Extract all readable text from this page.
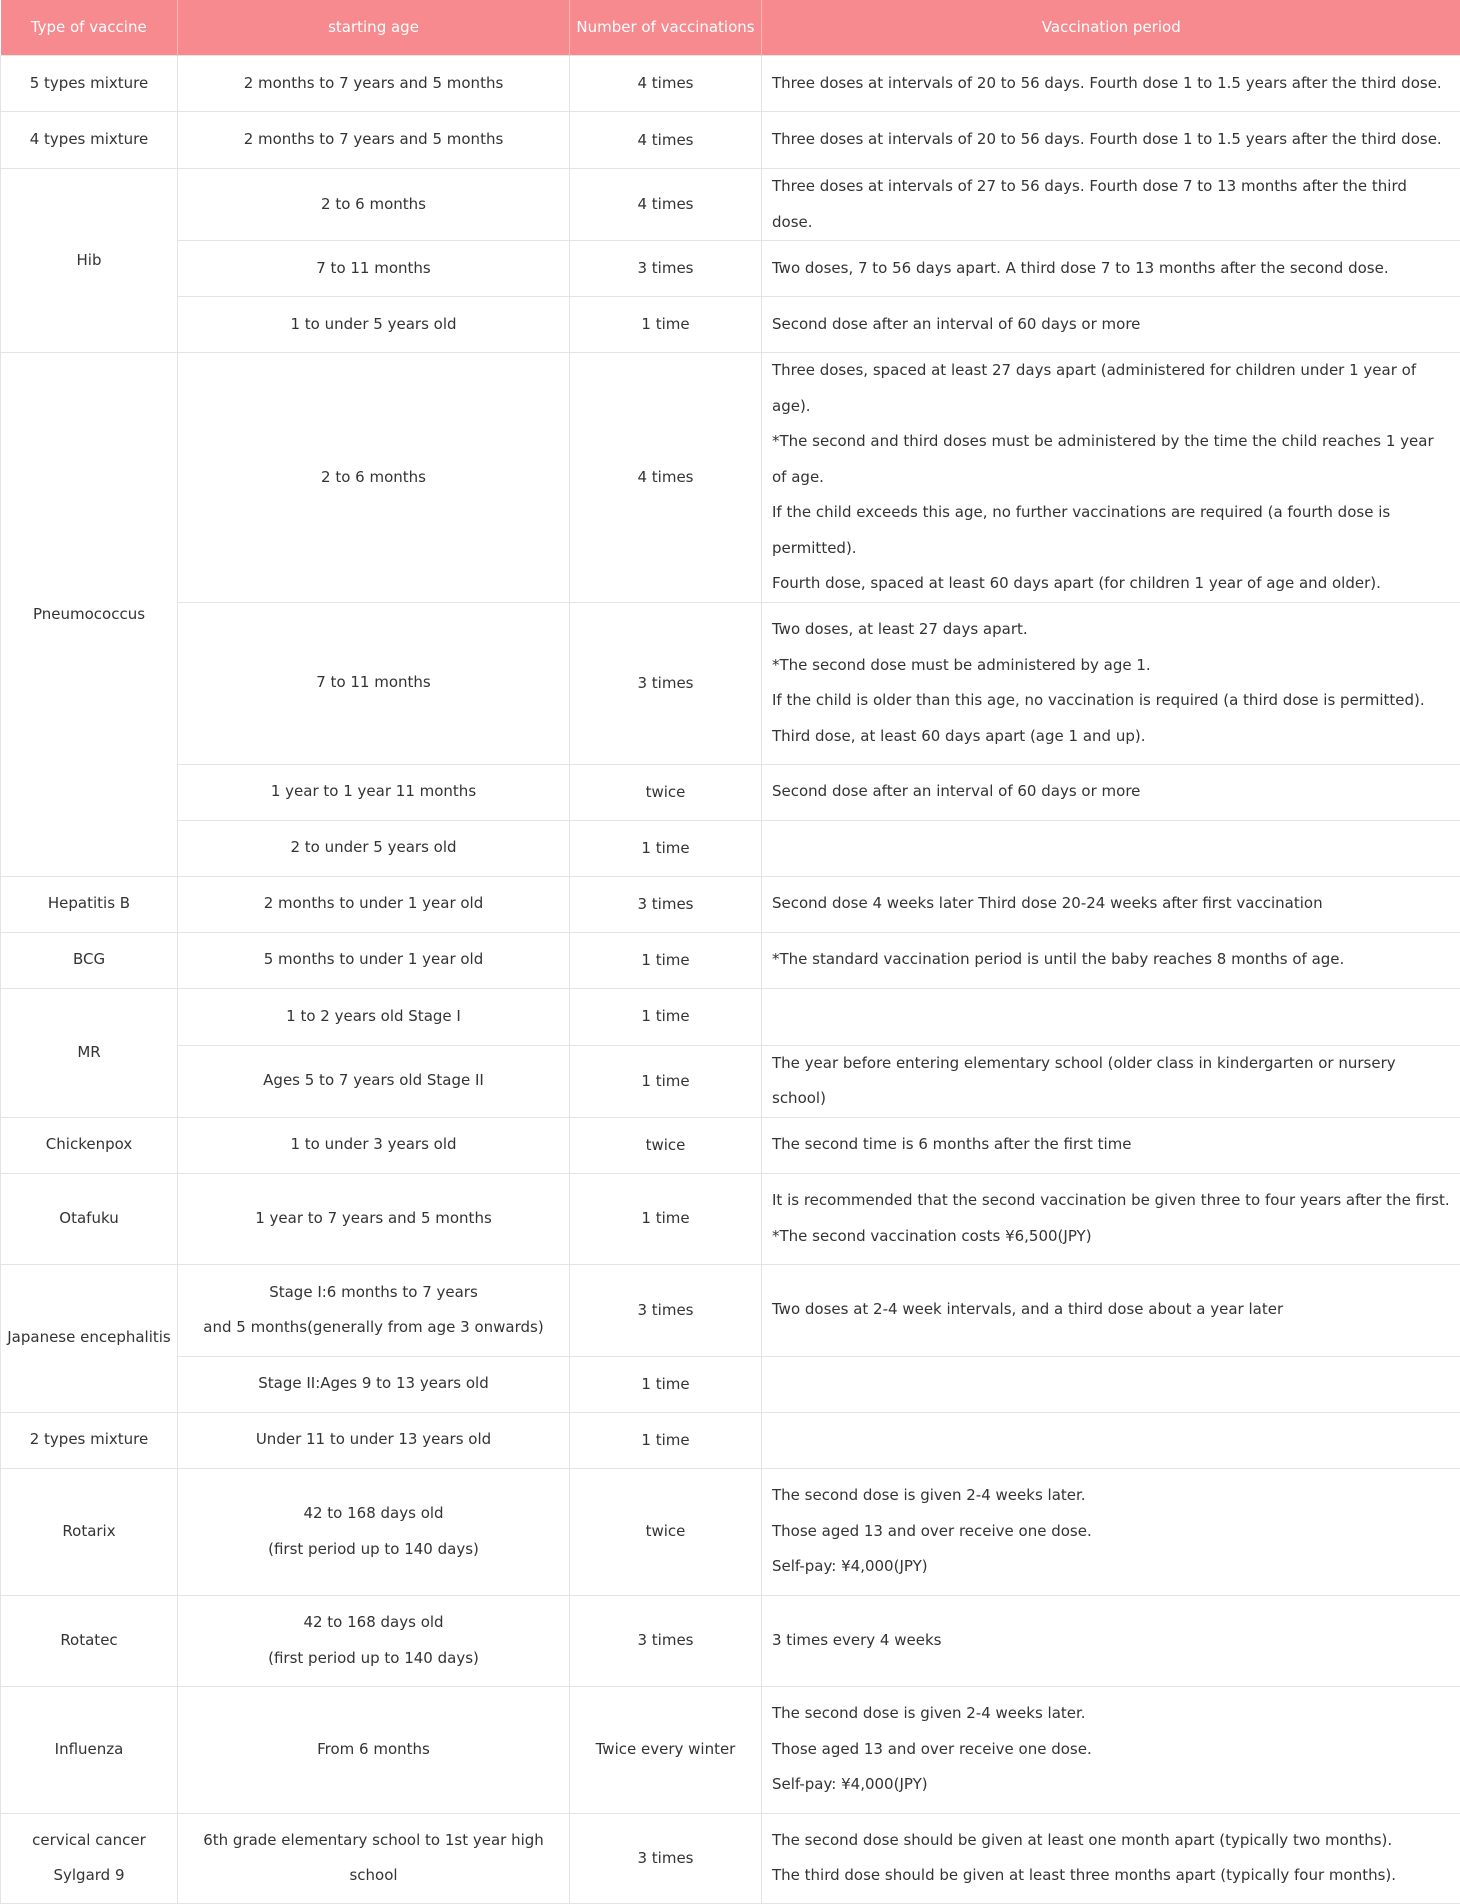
Type of vaccine	starting age	Number of vaccinations	Vaccination period

5 types mixture	2 months to 7 years and 5 months	4 times	Three doses at intervals of 20 to 56 days. Fourth dose 1 to 1.5 years after the third dose.

4 types mixture	2 months to 7 years and 5 months	4 times	Three doses at intervals of 20 to 56 days. Fourth dose 1 to 1.5 years after the third dose.

Hib	2 to 6 months	4 times	Three doses at intervals of 27 to 56 days. Fourth dose 7 to 13 months after the third dose.

	7 to 11 months	3 times	Two doses, 7 to 56 days apart. A third dose 7 to 13 months after the second dose.

	1 to under 5 years old	1 time	Second dose after an interval of 60 days or more

Pneumococcus	2 to 6 months	4 times	Three doses, spaced at least 27 days apart (administered for children under 1 year of age).
*The second and third doses must be administered by the time the child reaches 1 year of age.
If the child exceeds this age, no further vaccinations are required (a fourth dose is permitted).
Fourth dose, spaced at least 60 days apart (for children 1 year of age and older).

	7 to 11 months	3 times	Two doses, at least 27 days apart.
*The second dose must be administered by age 1.
If the child is older than this age, no vaccination is required (a third dose is permitted).
Third dose, at least 60 days apart (age 1 and up).

	1 year to 1 year 11 months	twice	Second dose after an interval of 60 days or more

	2 to under 5 years old	1 time	

Hepatitis B	2 months to under 1 year old	3 times	Second dose 4 weeks later Third dose 20-24 weeks after first vaccination

BCG	5 months to under 1 year old	1 time	*The standard vaccination period is until the baby reaches 8 months of age.

MR	1 to 2 years old Stage I	1 time	

	Ages 5 to 7 years old Stage II	1 time	The year before entering elementary school (older class in kindergarten or nursery school)

Chickenpox	1 to under 3 years old	twice	The second time is 6 months after the first time

Otafuku	1 year to 7 years and 5 months	1 time	It is recommended that the second vaccination be given three to four years after the first.
*The second vaccination costs ¥6,500(JPY)

Japanese encephalitis	Stage I:6 months to 7 years
and 5 months(generally from age 3 onwards)	3 times	Two doses at 2-4 week intervals, and a third dose about a year later

	Stage II:Ages 9 to 13 years old	1 time	

2 types mixture	Under 11 to under 13 years old	1 time	

Rotarix	42 to 168 days old
(first period up to 140 days)	twice	The second dose is given 2-4 weeks later.
Those aged 13 and over receive one dose.
Self-pay: ¥4,000(JPY)

Rotatec	42 to 168 days old
(first period up to 140 days)	3 times	3 times every 4 weeks

Influenza	From 6 months	Twice every winter	The second dose is given 2-4 weeks later.
Those aged 13 and over receive one dose.
Self-pay: ¥4,000(JPY)

cervical cancer
Sylgard 9	6th grade elementary school to 1st year high school	3 times	The second dose should be given at least one month apart (typically two months).
The third dose should be given at least three months apart (typically four months).
